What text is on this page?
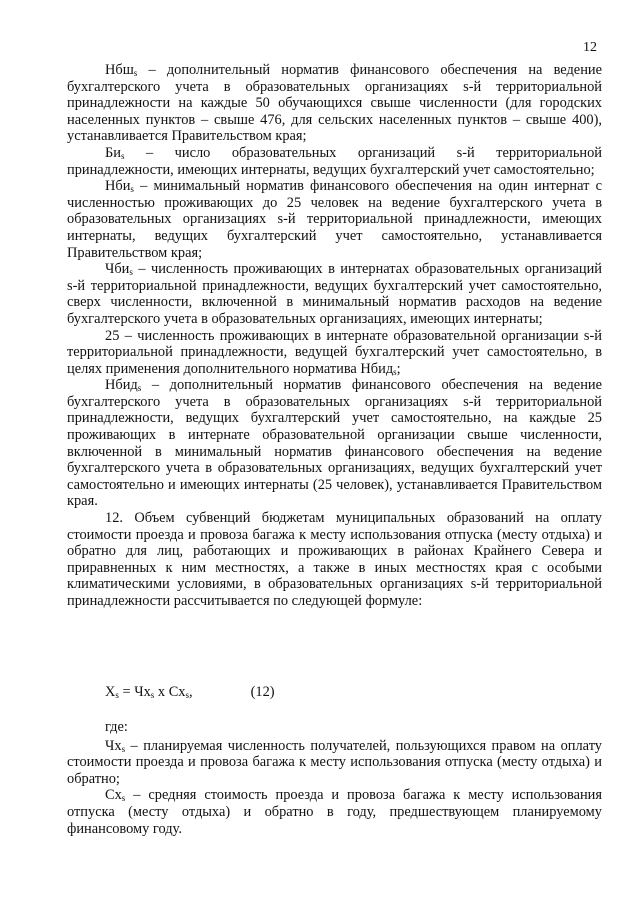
12

Нбш$_s$ – дополнительный норматив финансового обеспечения на ведение бухгалтерского учета в образовательных организациях s-й территориальной принадлежности на каждые 50 обучающихся свыше численности (для городских населенных пунктов – свыше 476, для сельских населенных пунктов – свыше 400), устанавливается Правительством края;

$Би_s$ – число образовательных организаций s-й территориальной принадлежности, имеющих интернаты, ведущих бухгалтерский учет самостоятельно;

Нби$_s$ – минимальный норматив финансового обеспечения на один интернат с численностью проживающих до 25 человек на ведение бухгалтерского учета в образовательных организациях s-й территориальной принадлежности, имеющих интернаты, ведущих бухгалтерский учет самостоятельно, устанавливается Правительством края;

Чби$_s$ – численность проживающих в интернатах образовательных организаций s-й территориальной принадлежности, ведущих бухгалтерский учет самостоятельно, сверх численности, включенной в минимальный норматив расходов на ведение бухгалтерского учета в образовательных организациях, имеющих интернаты;

25 – численность проживающих в интернате образовательной организации s-й территориальной принадлежности, ведущей бухгалтерский учет самостоятельно, в целях применения дополнительного норматива Нбид$_s$;

Нбид$_s$ – дополнительный норматив финансового обеспечения на ведение бухгалтерского учета в образовательных организациях s-й территориальной принадлежности, ведущих бухгалтерский учет самостоятельно, на каждые 25 проживающих в интернате образовательной организации свыше численности, включенной в минимальный норматив финансового обеспечения на ведение бухгалтерского учета в образовательных организациях, ведущих бухгалтерский учет самостоятельно и имеющих интернаты (25 человек), устанавливается Правительством края.

12. Объем субвенций бюджетам муниципальных образований на оплату стоимости проезда и провоза багажа к месту использования отпуска (месту отдыха) и обратно для лиц, работающих и проживающих в районах Крайнего Севера и приравненных к ним местностях, а также в иных местностях края с особыми климатическими условиями, в образовательных организациях s-й территориальной принадлежности рассчитывается по следующей формуле:

$X_s = Чх_s$ x $Сх_s$,	(12)

где:

$Чх_s$ – планируемая численность получателей, пользующихся правом на оплату стоимости проезда и провоза багажа к месту использования отпуска (месту отдыха) и обратно;

$Сх_s$ – средняя стоимость проезда и провоза багажа к месту использования отпуска (месту отдыха) и обратно в году, предшествующем планируемому финансовому году.
